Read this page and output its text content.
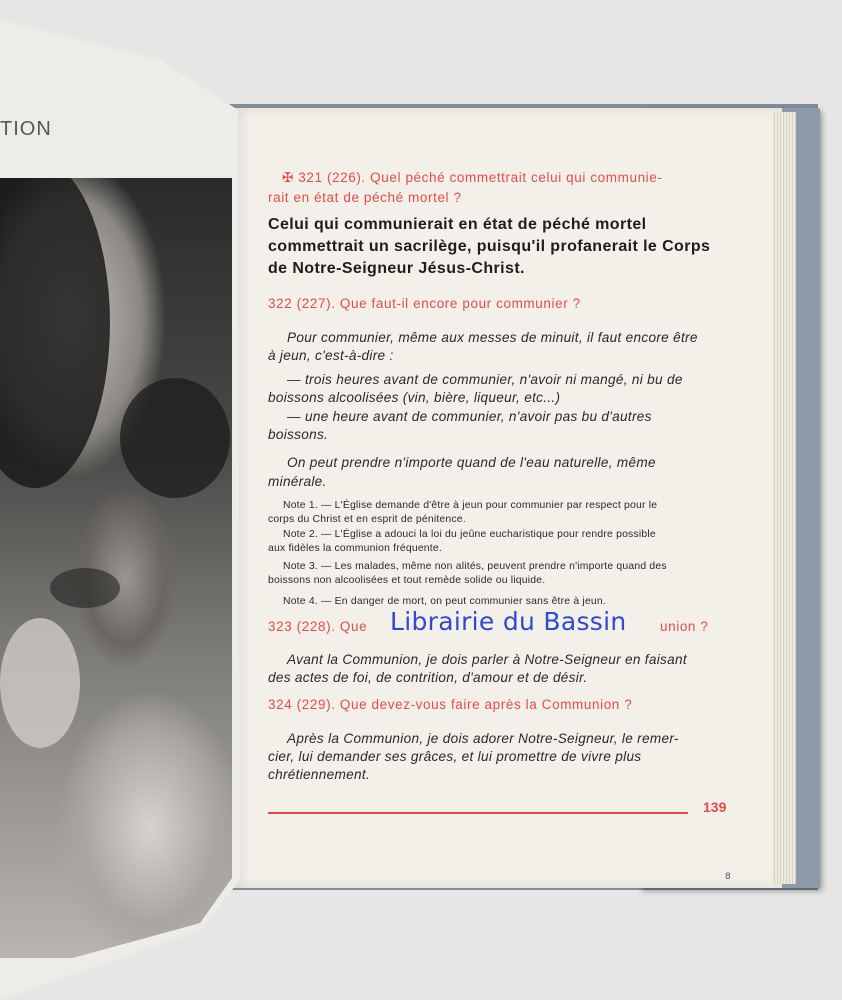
TION
✠ 321 (226). Quel péché commettrait celui qui communie-
rait en état de péché mortel ?
Celui qui communierait en état de péché mortel
commettrait un sacrilège, puisqu'il profanerait le Corps
de Notre-Seigneur Jésus-Christ.
322 (227). Que faut-il encore pour communier ?
Pour communier, même aux messes de minuit, il faut encore être
à jeun, c'est-à-dire :
— trois heures avant de communier, n'avoir ni mangé, ni bu de
boissons alcoolisées (vin, bière, liqueur, etc...)
— une heure avant de communier, n'avoir pas bu d'autres
boissons.
On peut prendre n'importe quand de l'eau naturelle, même
minérale.
Note 1. — L'Église demande d'être à jeun pour communier par respect pour le
corps du Christ et en esprit de pénitence.
Note 2. — L'Église a adouci la loi du jeûne eucharistique pour rendre possible
aux fidèles la communion fréquente.
Note 3. — Les malades, même non alités, peuvent prendre n'importe quand des
boissons non alcoolisées et tout remède solide ou liquide.
Note 4. — En danger de mort, on peut communier sans être à jeun.
323 (228). Que	union ?
Avant la Communion, je dois parler à Notre-Seigneur en faisant
des actes de foi, de contrition, d'amour et de désir.
324 (229). Que devez-vous faire après la Communion ?
Après la Communion, je dois adorer Notre-Seigneur, le remer-
cier, lui demander ses grâces, et lui promettre de vivre plus
chrétiennement.
139
8
Librairie du Bassin
